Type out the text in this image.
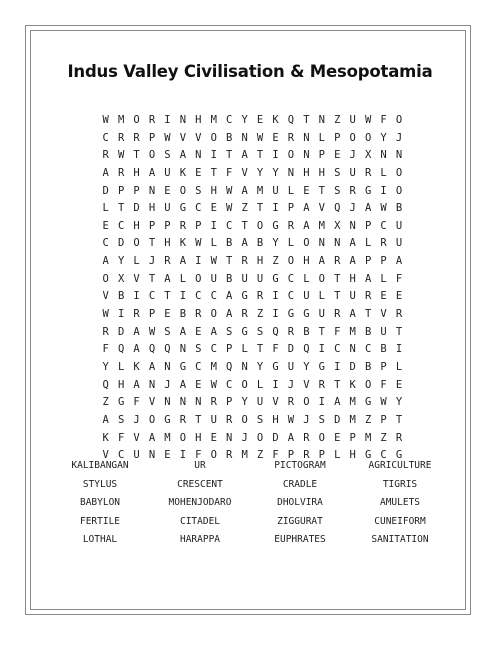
Indus Valley Civilisation & Mesopotamia
W M O R I N H M C Y E K Q T N Z U W F O
C R R P W V V O B N W E R N L P O O Y J
R W T O S A N I T A T I O N P E J X N N
A R H A U K E T F V Y Y N H H S U R L O
D P P N E O S H W A M U L E T S R G I O
L T D H U G C E W Z T I P A V Q J A W B
E C H P P R P I C T O G R A M X N P C U
C D O T H K W L B A B Y L O N N A L R U
A Y L J R A I W T R H Z O H A R A P P A
O X V T A L O U B U U G C L O T H A L F
V B I C T I C C A G R I C U L T U R E E
W I R P E B R O A R Z I G G U R A T V R
R D A W S A E A S G S Q R B T F M B U T
F Q A Q Q N S C P L T F D Q I C N C B I
Y L K A N G C M Q N Y G U Y G I D B P L
Q H A N J A E W C O L I J V R T K O F E
Z G F V N N N R P Y U V R O I A M G W Y
A S J O G R T U R O S H W J S D M Z P T
K F V A M O H E N J O D A R O E P M Z R
V C U N E I F O R M Z F P R P L H G C G
KALIBANGAN	UR	PICTOGRAM	AGRICULTURE
STYLUS	CRESCENT	CRADLE	TIGRIS
BABYLON	MOHENJODARO	DHOLVIRA	AMULETS
FERTILE	CITADEL	ZIGGURAT	CUNEIFORM
LOTHAL	HARAPPA	EUPHRATES	SANITATION
